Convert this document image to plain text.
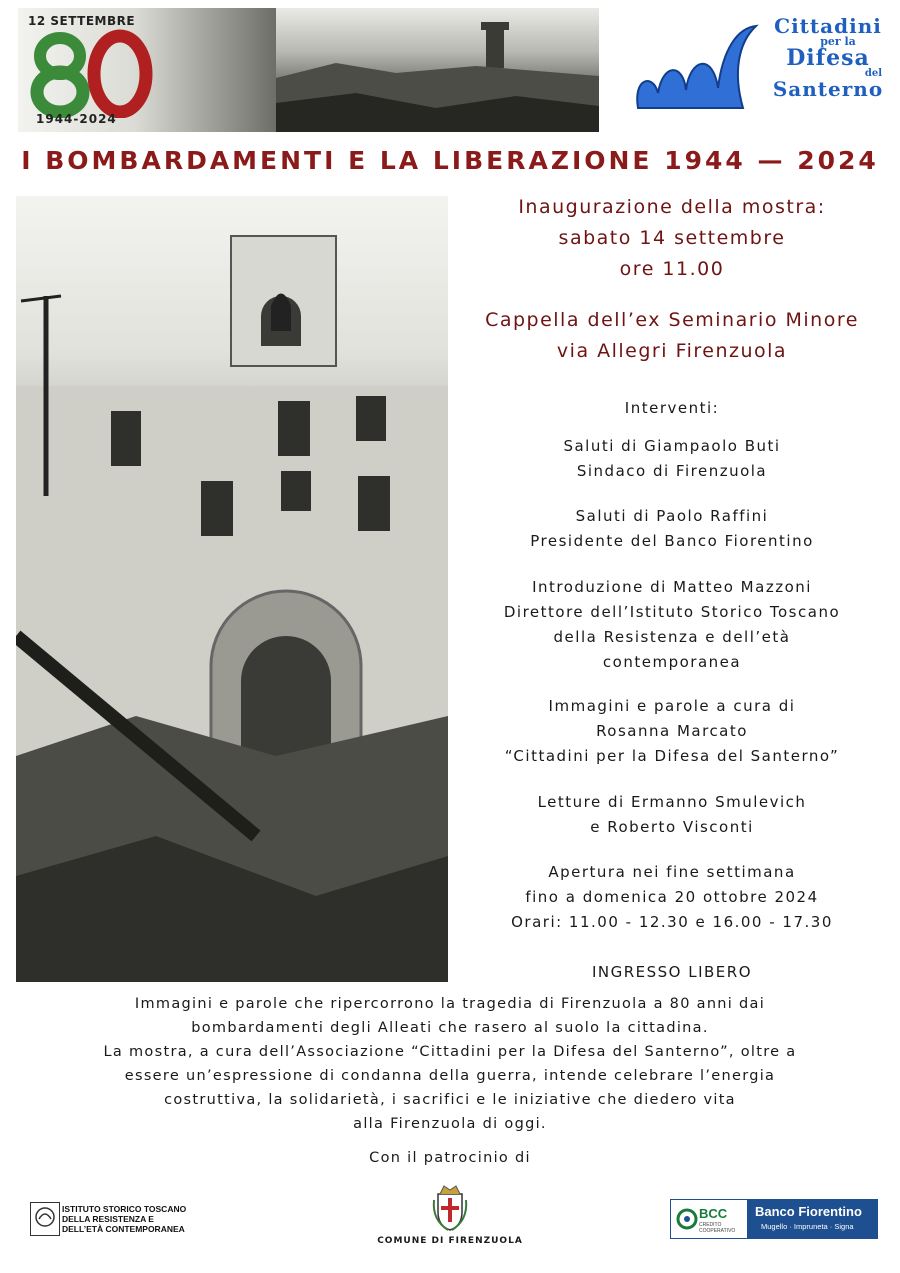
12 SETTEMBRE
1944-2024
Cittadini
per la
Difesa
del
Santerno
I BOMBARDAMENTI E LA LIBERAZIONE 1944 — 2024
Inaugurazione della mostra:
sabato 14 settembre
ore 11.00
Cappella dell’ex Seminario Minore
via Allegri Firenzuola
Interventi:
Saluti di Giampaolo Buti
Sindaco di Firenzuola
Saluti di Paolo Raffini
Presidente del Banco Fiorentino
Introduzione di Matteo Mazzoni
Direttore dell’Istituto Storico Toscano
della Resistenza e dell’età
contemporanea
Immagini e parole a cura di
Rosanna Marcato
“Cittadini per la Difesa del Santerno”
Letture di Ermanno Smulevich
e Roberto Visconti
Apertura nei fine settimana
fino a domenica 20 ottobre 2024
Orari: 11.00 - 12.30 e 16.00 - 17.30
INGRESSO LIBERO
Immagini e parole che ripercorrono la tragedia di Firenzuola a 80 anni dai
bombardamenti degli Alleati che rasero al suolo la cittadina.
La mostra, a cura dell’Associazione “Cittadini per la Difesa del Santerno”, oltre a
essere un’espressione di condanna della guerra, intende celebrare l’energia
costruttiva, la solidarietà, i sacrifici e le iniziative che diedero vita
alla Firenzuola di oggi.
Con il patrocinio di
ISTITUTO STORICO TOSCANO
DELLA RESISTENZA E
DELL’ETÀ CONTEMPORANEA
COMUNE DI FIRENZUOLA
BCC
CREDITO COOPERATIVO
Banco Fiorentino
Mugello · Impruneta · Signa
